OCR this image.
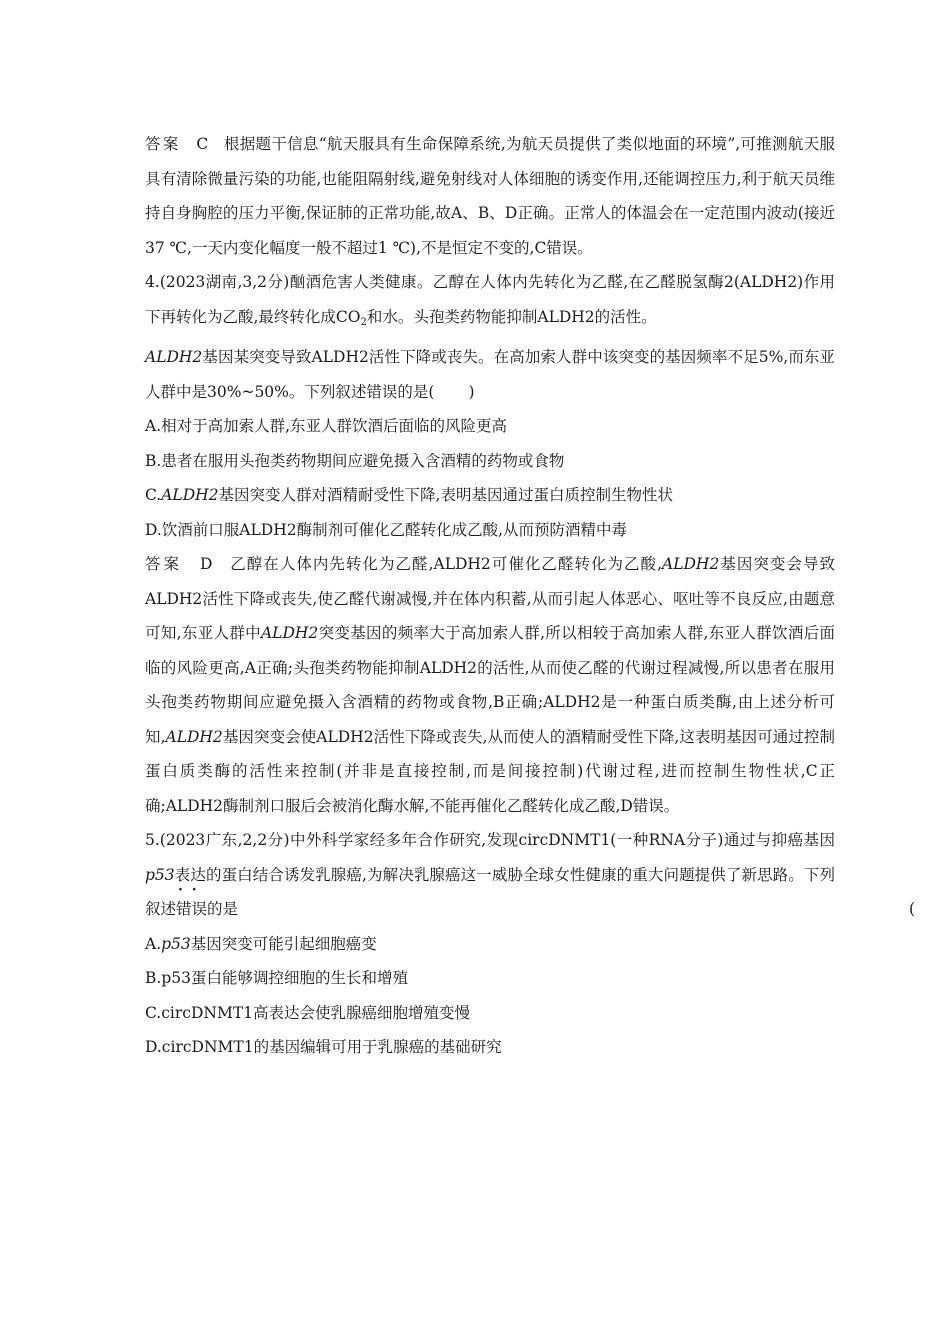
答案 C 根据题干信息“航天服具有生命保障系统,为航天员提供了类似地面的环境”,可推测航天服具有清除微量污染的功能,也能阻隔射线,避免射线对人体细胞的诱变作用,还能调控压力,利于航天员维持自身胸腔的压力平衡,保证肺的正常功能,故A、B、D正确。正常人的体温会在一定范围内波动(接近37 ℃,一天内变化幅度一般不超过1 ℃),不是恒定不变的,C错误。

4.(2023湖南,3,2分)酗酒危害人类健康。乙醇在人体内先转化为乙醛,在乙醛脱氢酶2(ALDH2)作用下再转化为乙酸,最终转化成$CO_2$和水。头孢类药物能抑制ALDH2的活性。
ALDH2基因某突变导致ALDH2活性下降或丧失。在高加索人群中该突变的基因频率不足5%,而东亚人群中是30%~50%。下列叙述错误的是( )

A.相对于高加索人群,东亚人群饮酒后面临的风险更高

B.患者在服用头孢类药物期间应避免摄入含酒精的药物或食物

C.ALDH2基因突变人群对酒精耐受性下降,表明基因通过蛋白质控制生物性状

D.饮酒前口服ALDH2酶制剂可催化乙醛转化成乙酸,从而预防酒精中毒

答案 D 乙醇在人体内先转化为乙醛,ALDH2可催化乙醛转化为乙酸,ALDH2基因突变会导致ALDH2活性下降或丧失,使乙醛代谢减慢,并在体内积蓄,从而引起人体恶心、呕吐等不良反应,由题意可知,东亚人群中ALDH2突变基因的频率大于高加索人群,所以相较于高加索人群,东亚人群饮酒后面临的风险更高,A正确;头孢类药物能抑制ALDH2的活性,从而使乙醛的代谢过程减慢,所以患者在服用头孢类药物期间应避免摄入含酒精的药物或食物,B正确;ALDH2是一种蛋白质类酶,由上述分析可知,ALDH2基因突变会使ALDH2活性下降或丧失,从而使人的酒精耐受性下降,这表明基因可通过控制蛋白质类酶的活性来控制(并非是直接控制,而是间接控制)代谢过程,进而控制生物性状,C正确;ALDH2酶制剂口服后会被消化酶水解,不能再催化乙醛转化成乙酸,D错误。

5.(2023广东,2,2分)中外科学家经多年合作研究,发现circDNMT1(一种RNA分子)通过与抑癌基因p53表达的蛋白结合诱发乳腺癌,为解决乳腺癌这一威胁全球女性健康的重大问题提供了新思路。下列叙述错误 · ·的是	(

A.p53基因突变可能引起细胞癌变

B.p53蛋白能够调控细胞的生长和增殖

C.circDNMT1高表达会使乳腺癌细胞增殖变慢

D.circDNMT1的基因编辑可用于乳腺癌的基础研究
